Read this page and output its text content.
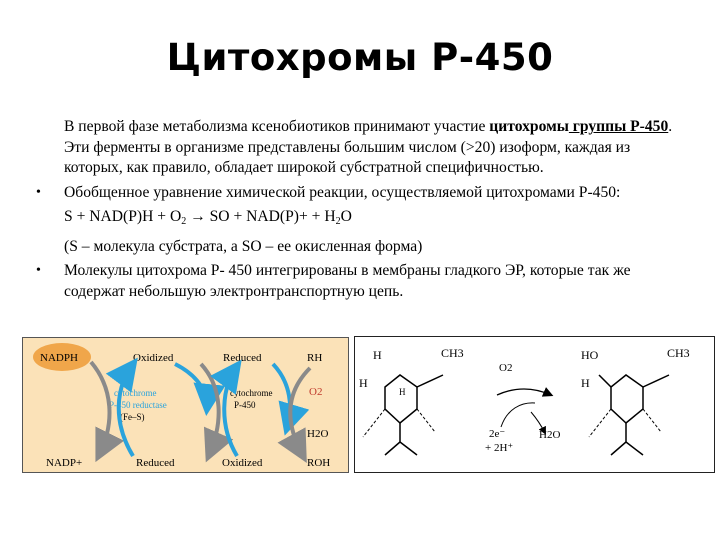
Цитохромы Р-450
В первой фазе метаболизма ксенобиотиков принимают участие цитохромы группы Р-450. Эти ферменты в организме представлены большим числом (>20) изоформ, каждая из которых, как правило, обладает широкой субстратной специфичностью.
• Обобщенное уравнение химической реакции, осуществляемой цитохромами Р-450:
$S + NAD(P)H + O_2$ → SO + $NAD(P)+ + H_2O$
(S – молекула субстрата, а SO – ее окисленная форма)
• Молекулы цитохрома Р- 450 интегрированы в мембраны гладкого ЭР, которые так же содержат небольшую электронтранспортную цепь.
NADPH	Oxidized	Reduced	RH
cytochrome
P-450 reductase
(Fe–S)
cytochrome
P-450
O2
H2O
NADP+	Reduced	Oxidized	ROH
H
H
H
CH3
O2
2e⁻
+ 2H⁺
H2O
HO
H
CH3
